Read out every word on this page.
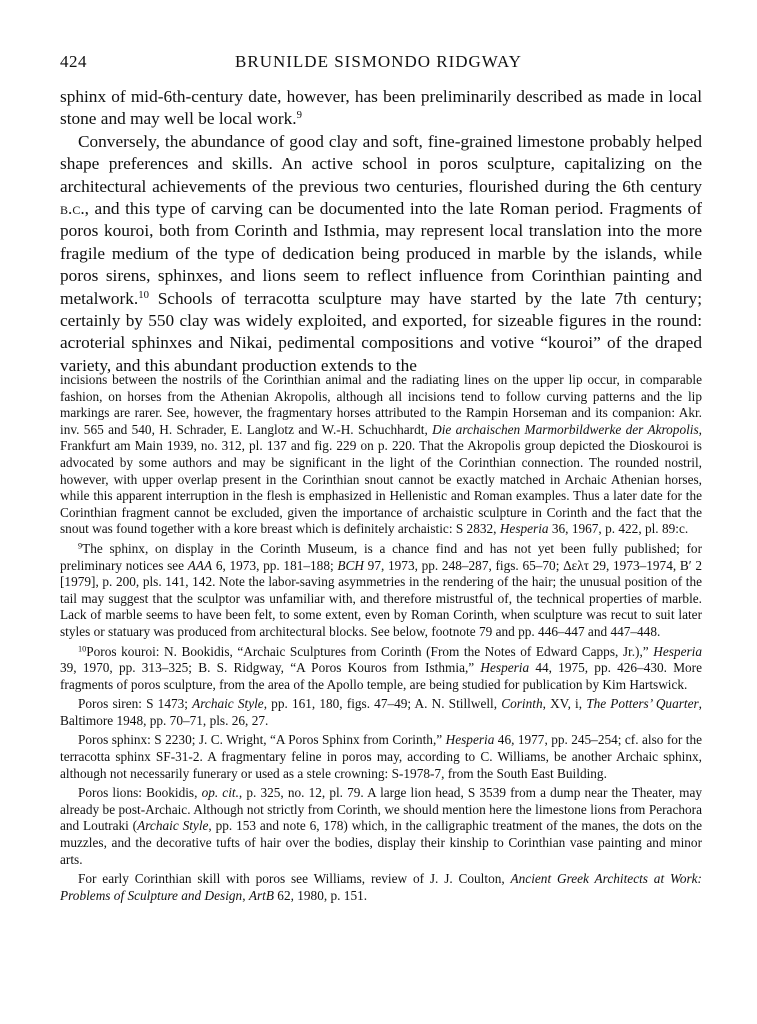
424	BRUNILDE SISMONDO RIDGWAY

sphinx of mid-6th-century date, however, has been preliminarily described as made in local stone and may well be local work.$^9$

Conversely, the abundance of good clay and soft, fine-grained limestone probably helped shape preferences and skills. An active school in poros sculpture, capitalizing on the architectural achievements of the previous two centuries, flourished during the 6th century b.c., and this type of carving can be documented into the late Roman period. Fragments of poros kouroi, both from Corinth and Isthmia, may represent local translation into the more fragile medium of the type of dedication being produced in marble by the islands, while poros sirens, sphinxes, and lions seem to reflect influence from Corinthian painting and metalwork.$^{10}$ Schools of terracotta sculpture may have started by the late 7th century; certainly by 550 clay was widely exploited, and exported, for sizeable figures in the round: acroterial sphinxes and Nikai, pedimental compositions and votive “kouroi” of the draped variety, and this abundant production extends to the

incisions between the nostrils of the Corinthian animal and the radiating lines on the upper lip occur, in comparable fashion, on horses from the Athenian Akropolis, although all incisions tend to follow curving patterns and the lip markings are rarer. See, however, the fragmentary horses attributed to the Rampin Horseman and its companion: Akr. inv. 565 and 540, H. Schrader, E. Langlotz and W.-H. Schuchhardt, Die archaischen Marmorbildwerke der Akropolis, Frankfurt am Main 1939, no. 312, pl. 137 and fig. 229 on p. 220. That the Akropolis group depicted the Dioskouroi is advocated by some authors and may be significant in the light of the Corinthian connection. The rounded nostril, however, with upper overlap present in the Corinthian snout cannot be exactly matched in Archaic Athenian horses, while this apparent interruption in the flesh is emphasized in Hellenistic and Roman examples. Thus a later date for the Corinthian fragment cannot be excluded, given the importance of archaistic sculpture in Corinth and the fact that the snout was found together with a kore breast which is definitely archaistic: S 2832, Hesperia 36, 1967, p. 422, pl. 89:c.

$^9$The sphinx, on display in the Corinth Museum, is a chance find and has not yet been fully published; for preliminary notices see AAA 6, 1973, pp. 181–188; BCH 97, 1973, pp. 248–287, figs. 65–70; Δελτ 29, 1973–1974, B′ 2 [1979], p. 200, pls. 141, 142. Note the labor-saving asymmetries in the rendering of the hair; the unusual position of the tail may suggest that the sculptor was unfamiliar with, and therefore mistrustful of, the technical properties of marble. Lack of marble seems to have been felt, to some extent, even by Roman Corinth, when sculpture was recut to suit later styles or statuary was produced from architectural blocks. See below, footnote 79 and pp. 446–447 and 447–448.

$^{10}$Poros kouroi: N. Bookidis, “Archaic Sculptures from Corinth (From the Notes of Edward Capps, Jr.),” Hesperia 39, 1970, pp. 313–325; B. S. Ridgway, “A Poros Kouros from Isthmia,” Hesperia 44, 1975, pp. 426–430. More fragments of poros sculpture, from the area of the Apollo temple, are being studied for publication by Kim Hartswick.

Poros siren: S 1473; Archaic Style, pp. 161, 180, figs. 47–49; A. N. Stillwell, Corinth, XV, i, The Potters’ Quarter, Baltimore 1948, pp. 70–71, pls. 26, 27.

Poros sphinx: S 2230; J. C. Wright, “A Poros Sphinx from Corinth,” Hesperia 46, 1977, pp. 245–254; cf. also for the terracotta sphinx SF-31-2. A fragmentary feline in poros may, according to C. Williams, be another Archaic sphinx, although not necessarily funerary or used as a stele crowning: S-1978-7, from the South East Building.

Poros lions: Bookidis, op. cit., p. 325, no. 12, pl. 79. A large lion head, S 3539 from a dump near the Theater, may already be post-Archaic. Although not strictly from Corinth, we should mention here the limestone lions from Perachora and Loutraki (Archaic Style, pp. 153 and note 6, 178) which, in the calligraphic treatment of the manes, the dots on the muzzles, and the decorative tufts of hair over the bodies, display their kinship to Corinthian vase painting and minor arts.

For early Corinthian skill with poros see Williams, review of J. J. Coulton, Ancient Greek Architects at Work: Problems of Sculpture and Design, ArtB 62, 1980, p. 151.
